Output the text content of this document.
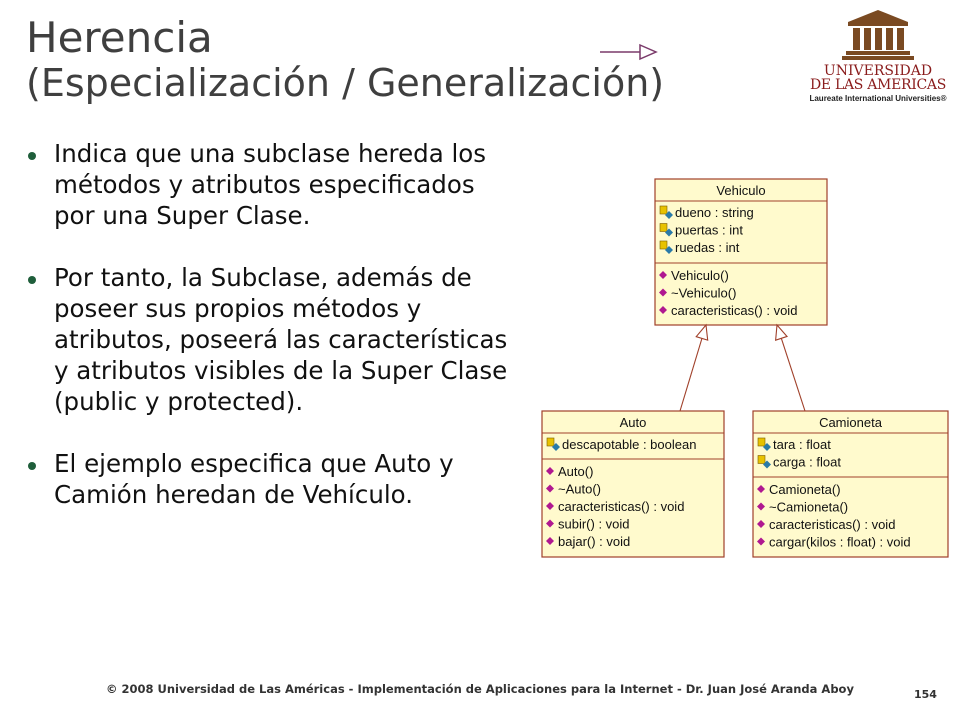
Herencia
(Especialización / Generalización)	UNIVERSIDAD
DE LAS AMERICAS
Laureate International Universities®
Indica que una subclase hereda los métodos y atributos especificados por una Super Clase.
Por tanto, la Subclase, además de poseer sus propios métodos y atributos, poseerá las características y atributos visibles de la Super Clase (public y protected).
El ejemplo especifica que Auto y Camión heredan de Vehículo.
Vehiculo
dueno : string
puertas : int
ruedas : int
Vehiculo()
~Vehiculo()
caracteristicas() : void
Auto
descapotable : boolean
Auto()
~Auto()
caracteristicas() : void
subir() : void
bajar() : void
Camioneta
tara : float
carga : float
Camioneta()
~Camioneta()
caracteristicas() : void
cargar(kilos : float) : void
© 2008 Universidad de Las Américas - Implementación de Aplicaciones para la Internet - Dr. Juan José Aranda Aboy	154
